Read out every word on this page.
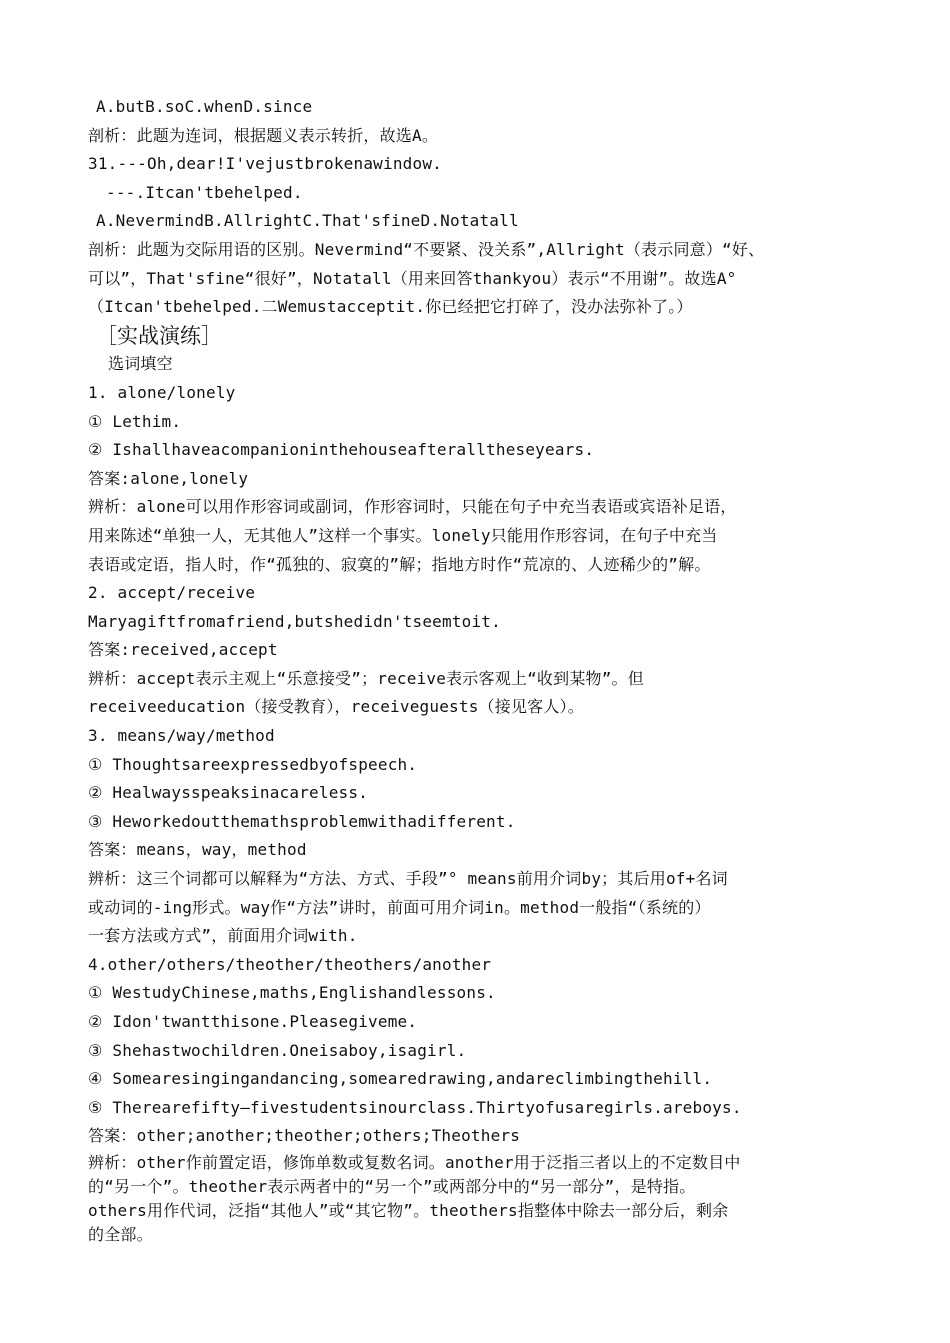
A.butB.soC.whenD.since
剖析：此题为连词，根据题义表示转折，故选A。
31.---Oh,dear!I'vejustbrokenawindow.
---.Itcan'tbehelped.
A.NevermindB.AllrightC.That'sfineD.Notatall
剖析：此题为交际用语的区别。Nevermind“不要紧、没关系”,Allright（表示同意）“好、
可以”，That'sfine“很好”，Notatall（用来回答thankyou）表示“不用谢”。故选A°
（Itcan'tbehelped.二Wemustacceptit.你已经把它打碎了，没办法弥补了。）
［实战演练］
选词填空
1. alone/lonely
① Lethim.
② Ishallhaveacompanioninthehouseafteralltheseyears.
答案:alone,lonely
辨析：alone可以用作形容词或副词，作形容词时，只能在句子中充当表语或宾语补足语，
用来陈述“单独一人，无其他人”这样一个事实。lonely只能用作形容词，在句子中充当
表语或定语，指人时，作“孤独的、寂寞的”解；指地方时作“荒凉的、人迹稀少的”解。
2. accept/receive
Maryagiftfromafriend,butshedidn'tseemtoit.
答案:received,accept
辨析：accept表示主观上“乐意接受”；receive表示客观上“收到某物”。但
receiveeducation（接受教育），receiveguests（接见客人）。
3. means/way/method
① Thoughtsareexpressedbyofspeech.
② Healwaysspeaksinacareless.
③ Heworkedoutthemathsproblemwithadifferent.
答案：means，way，method
辨析：这三个词都可以解释为“方法、方式、手段”° means前用介词by；其后用of+名词
或动词的-ing形式。way作“方法”讲时，前面可用介词in。method一般指“（系统的）
一套方法或方式”，前面用介词with.
4.other/others/theother/theothers/another
① WestudyChinese,maths,Englishandlessons.
② Idon'twantthisone.Pleasegiveme.
③ Shehastwochildren.Oneisaboy,isagirl.
④ Somearesingingandancing,somearedrawing,andareclimbingthehill.
⑤ Therearefifty—fivestudentsinourclass.Thirtyofusaregirls.areboys.
答案：other;another;theother;others;Theothers
辨析：other作前置定语，修饰单数或复数名词。another用于泛指三者以上的不定数目中
的“另一个”。theother表示两者中的“另一个”或两部分中的“另一部分”，是特指。
others用作代词，泛指“其他人”或“其它物”。theothers指整体中除去一部分后，剩余
的全部。
